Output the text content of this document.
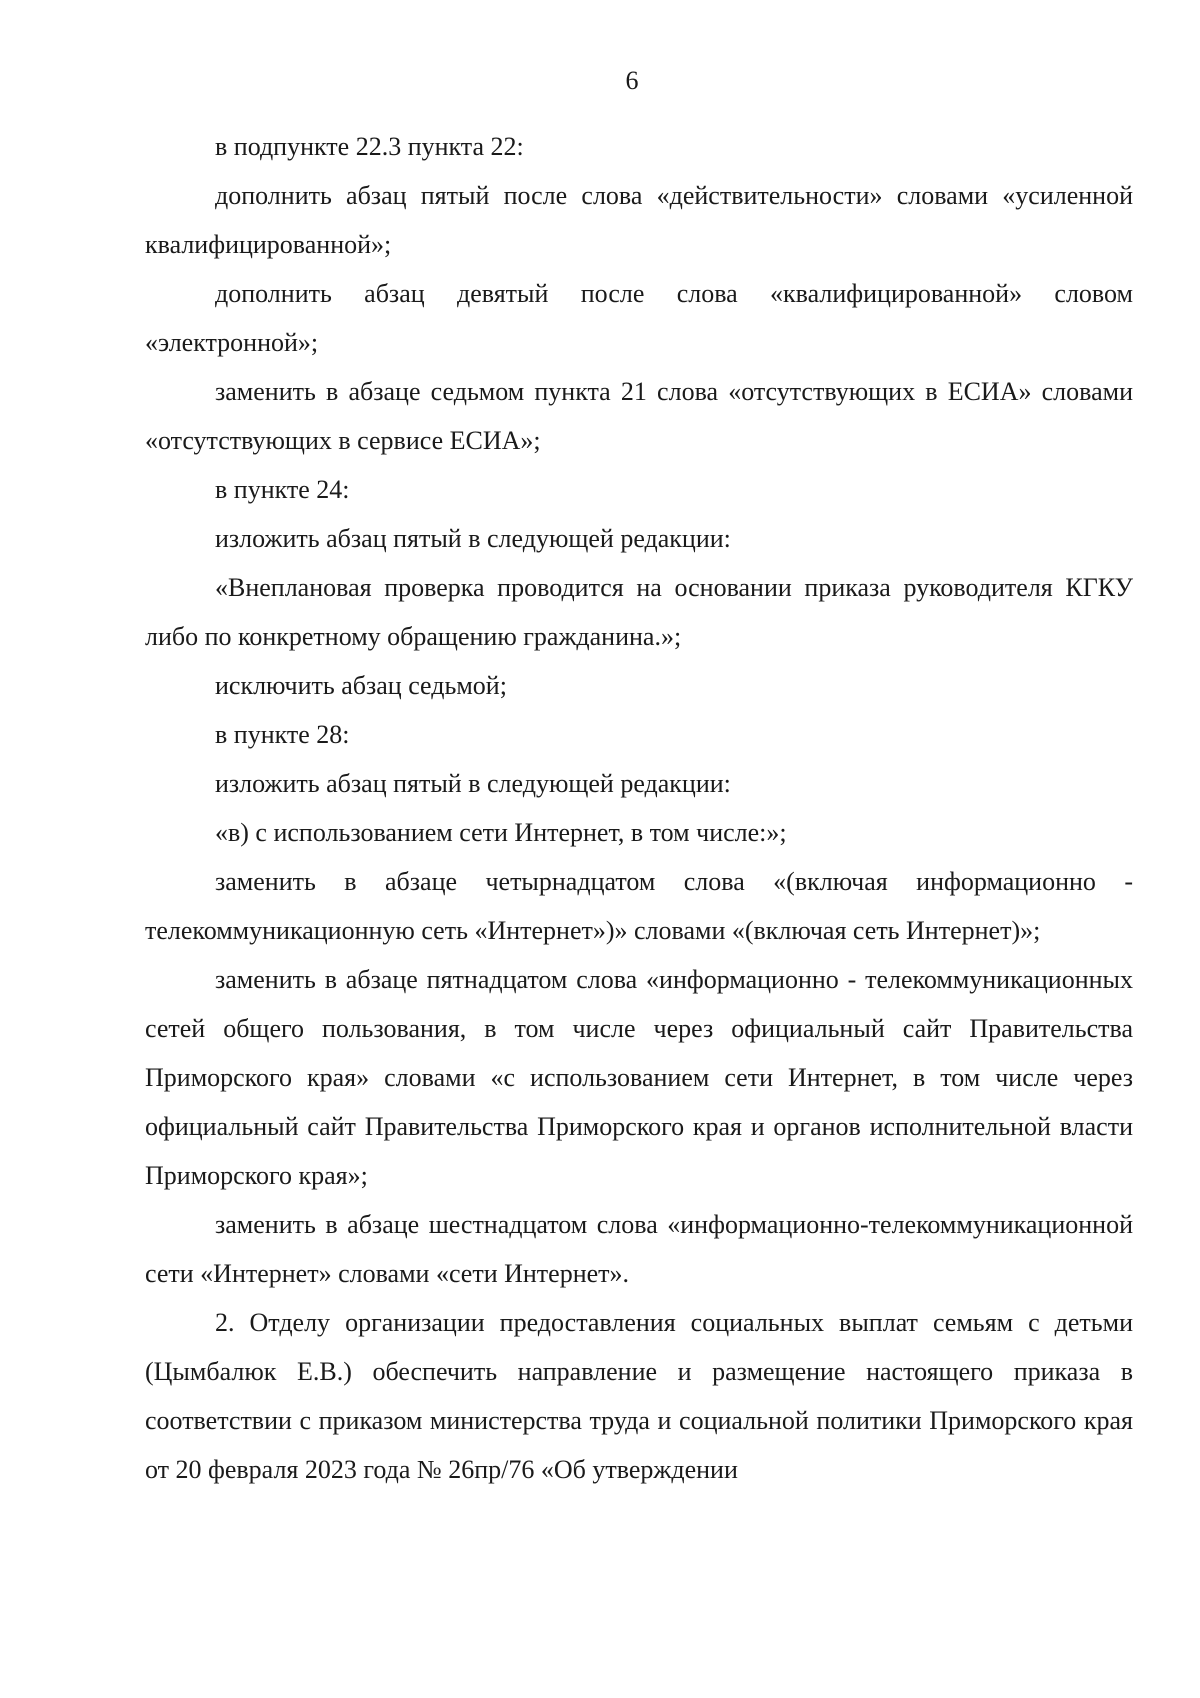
6

в подпункте 22.3 пункта 22:

дополнить абзац пятый после слова «действительности» словами «усиленной квалифицированной»;

дополнить абзац девятый после слова «квалифицированной» словом «электронной»;

заменить в абзаце седьмом пункта 21 слова «отсутствующих в ЕСИА» словами «отсутствующих в сервисе ЕСИА»;

в пункте 24:

изложить абзац пятый в следующей редакции:

«Внеплановая проверка проводится на основании приказа руководителя КГКУ либо по конкретному обращению гражданина.»;

исключить абзац седьмой;

в пункте 28:

изложить абзац пятый в следующей редакции:

«в) с использованием сети Интернет, в том числе:»;

заменить в абзаце четырнадцатом слова «(включая информационно - телекоммуникационную сеть «Интернет»)» словами «(включая сеть Интернет)»;

заменить в абзаце пятнадцатом слова «информационно - телекоммуникационных сетей общего пользования, в том числе через официальный сайт Правительства Приморского края» словами «с использованием сети Интернет, в том числе через официальный сайт Правительства Приморского края и органов исполнительной власти Приморского края»;

заменить в абзаце шестнадцатом слова «информационно-телекоммуникационной сети «Интернет» словами «сети Интернет».

2. Отделу организации предоставления социальных выплат семьям с детьми (Цымбалюк Е.В.) обеспечить направление и размещение настоящего приказа в соответствии с приказом министерства труда и социальной политики Приморского края от 20 февраля 2023 года № 26пр/76 «Об утверждении
